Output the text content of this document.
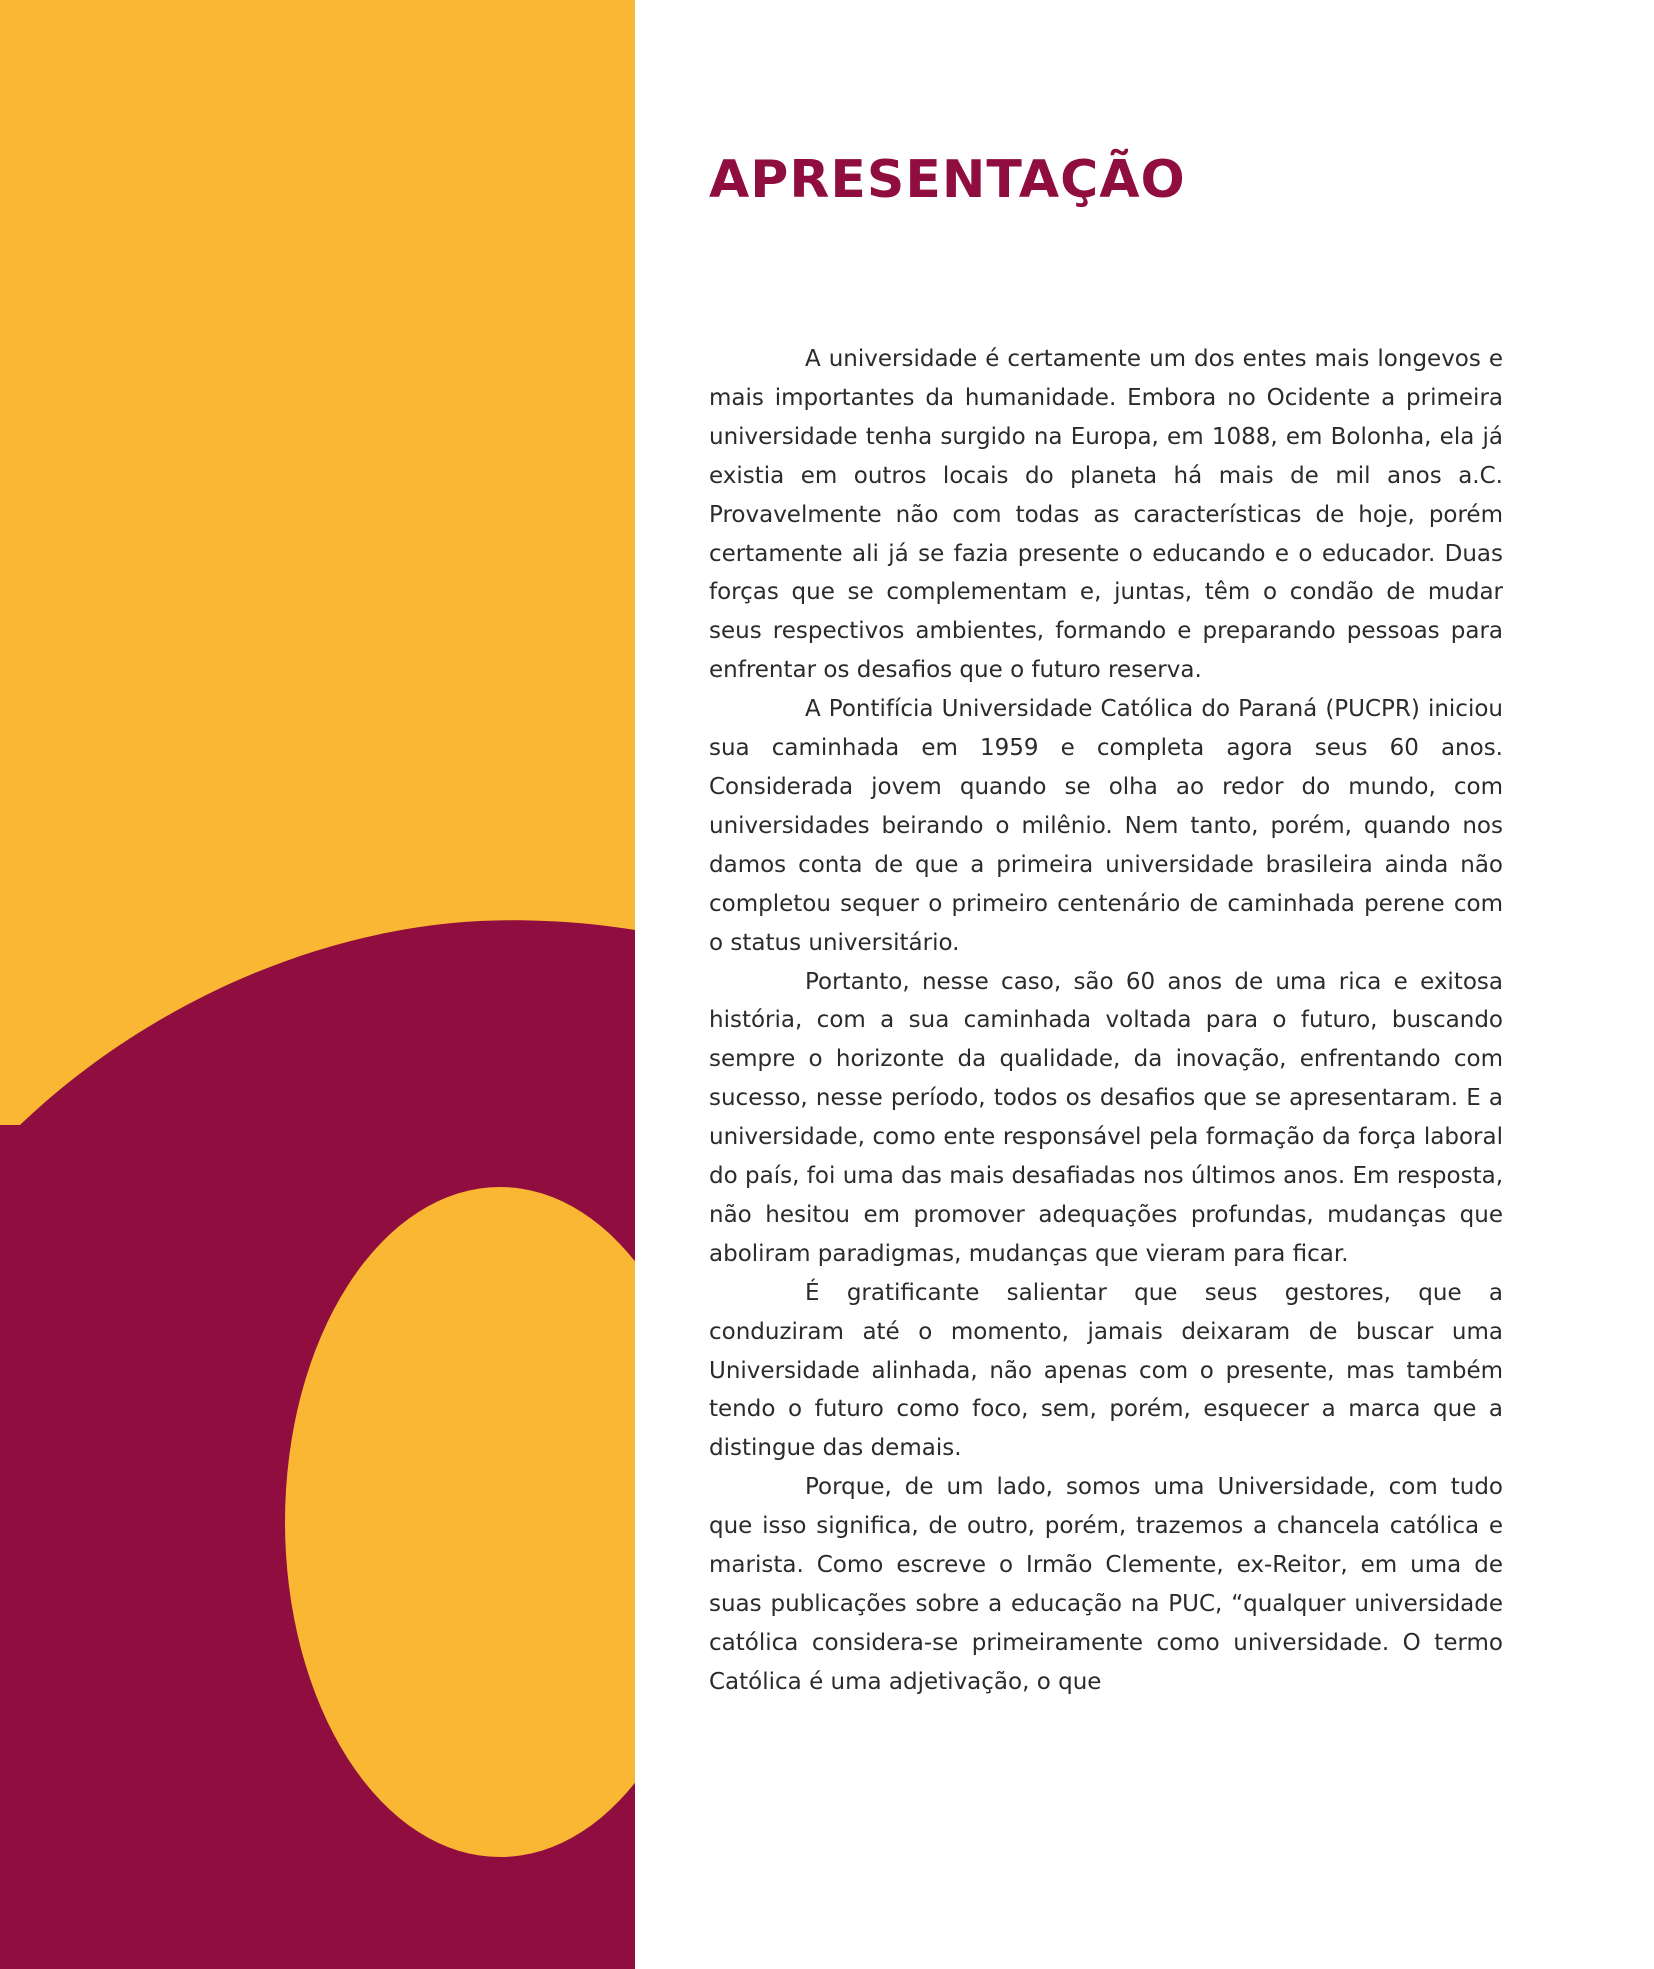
APRESENTAÇÃO

A universidade é certamente um dos entes mais longevos e mais importantes da humanidade. Embora no Ocidente a primeira universidade tenha surgido na Europa, em 1088, em Bolonha, ela já existia em outros locais do planeta há mais de mil anos a.C. Provavelmente não com todas as características de hoje, porém certamente ali já se fazia presente o educando e o educador. Duas forças que se complementam e, juntas, têm o condão de mudar seus respectivos ambientes, formando e preparando pessoas para enfrentar os desafios que o futuro reserva.

A Pontifícia Universidade Católica do Paraná (PUCPR) iniciou sua caminhada em 1959 e completa agora seus 60 anos. Considerada jovem quando se olha ao redor do mundo, com universidades beirando o milênio. Nem tanto, porém, quando nos damos conta de que a primeira universidade brasileira ainda não completou sequer o primeiro centenário de caminhada perene com o status universitário.

Portanto, nesse caso, são 60 anos de uma rica e exitosa história, com a sua caminhada voltada para o futuro, buscando sempre o horizonte da qualidade, da inovação, enfrentando com sucesso, nesse período, todos os desafios que se apresentaram. E a universidade, como ente responsável pela formação da força laboral do país, foi uma das mais desafiadas nos últimos anos. Em resposta, não hesitou em promover adequações profundas, mudanças que aboliram paradigmas, mudanças que vieram para ficar.

É gratificante salientar que seus gestores, que a conduziram até o momento, jamais deixaram de buscar uma Universidade alinhada, não apenas com o presente, mas também tendo o futuro como foco, sem, porém, esquecer a marca que a distingue das demais.

Porque, de um lado, somos uma Universidade, com tudo que isso significa, de outro, porém, trazemos a chancela católica e marista. Como escreve o Irmão Clemente, ex-Reitor, em uma de suas publicações sobre a educação na PUC, “qualquer universidade católica considera-se primeiramente como universidade. O termo Católica é uma adjetivação, o que
